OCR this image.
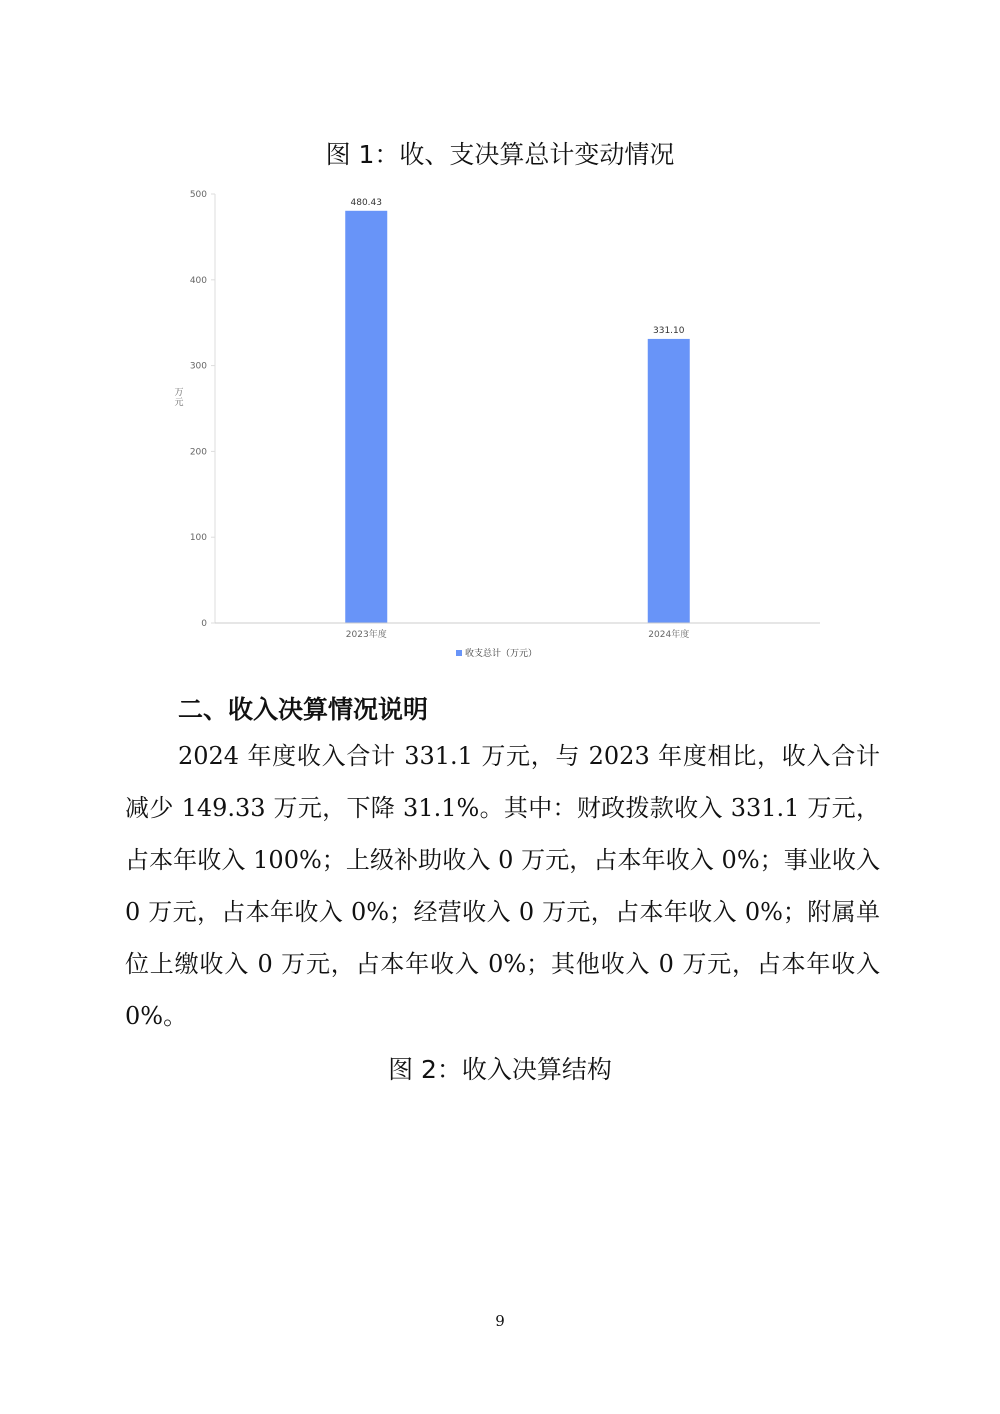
图 1：收、支决算总计变动情况
0
100
200
300
400
500
万元
480.43
331.10
2023年度	2024年度
收支总计（万元）
二、收入决算情况说明

2024 年度收入合计 331.1 万元，与 2023 年度相比，收入合计减少 149.33 万元，下降 31.1%。其中：财政拨款收入 331.1 万元，占本年收入 100%；上级补助收入 0 万元，占本年收入 0%；事业收入 0 万元，占本年收入 0%；经营收入 0 万元，占本年收入 0%；附属单位上缴收入 0 万元，占本年收入 0%；其他收入 0 万元，占本年收入 0%。

图 2：收入决算结构
9
